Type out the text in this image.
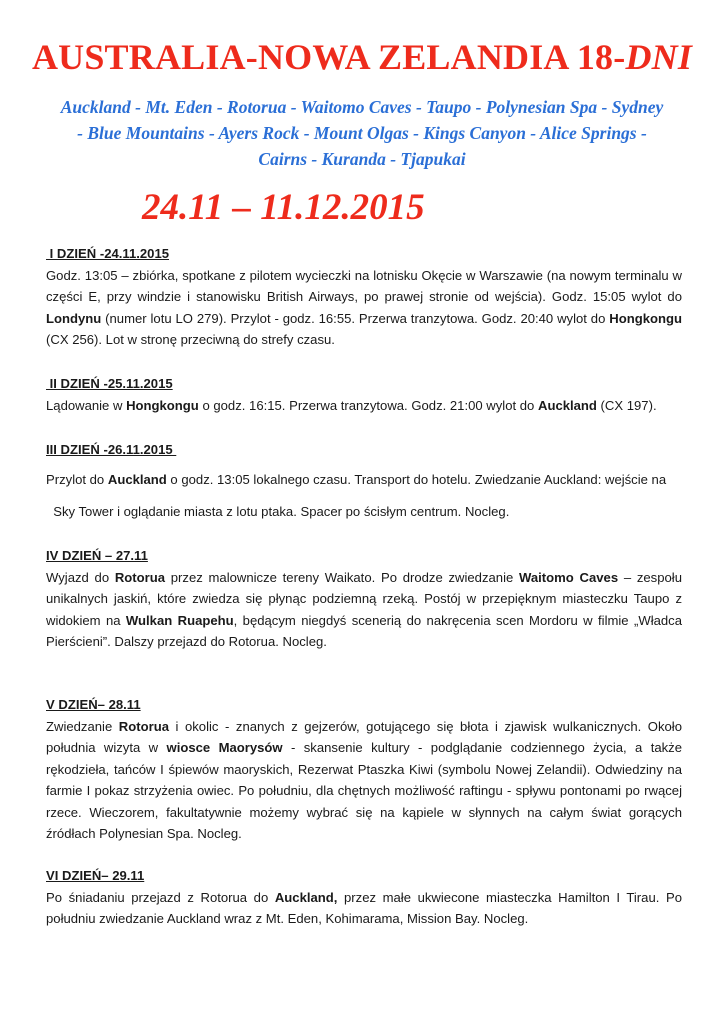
AUSTRALIA-NOWA ZELANDIA 18-DNI
Auckland - Mt. Eden - Rotorua - Waitomo Caves - Taupo - Polynesian Spa - Sydney
- Blue Mountains - Ayers Rock - Mount Olgas - Kings Canyon - Alice Springs -
Cairns - Kuranda - Tjapukai
24.11 – 11.12.2015
I DZIEŃ -24.11.2015

Godz. 13:05 – zbiórka, spotkane z pilotem wycieczki na lotnisku Okęcie w Warszawie (na nowym terminalu w części E, przy windzie i stanowisku British Airways, po prawej stronie od wejścia). Godz. 15:05 wylot do Londynu (numer lotu LO 279). Przylot - godz. 16:55. Przerwa tranzytowa. Godz. 20:40 wylot do Hongkongu (CX 256). Lot w stronę przeciwną do strefy czasu.

II DZIEŃ -25.11.2015

Lądowanie w Hongkongu o godz. 16:15. Przerwa tranzytowa. Godz. 21:00 wylot do Auckland (CX 197).

III DZIEŃ -26.11.2015

Przylot do Auckland o godz. 13:05 lokalnego czasu. Transport do hotelu. Zwiedzanie Auckland: wejście na

Sky Tower i oglądanie miasta z lotu ptaka. Spacer po ścisłym centrum. Nocleg.

IV DZIEŃ – 27.11

Wyjazd do Rotorua przez malownicze tereny Waikato. Po drodze zwiedzanie Waitomo Caves – zespołu unikalnych jaskiń, które zwiedza się płynąc podziemną rzeką. Postój w przepięknym miasteczku Taupo z widokiem na Wulkan Ruapehu, będącym niegdyś scenerią do nakręcenia scen Mordoru w filmie „Władca Pierścieni”. Dalszy przejazd do Rotorua. Nocleg.

V DZIEŃ– 28.11

Zwiedzanie Rotorua i okolic - znanych z gejzerów, gotującego się błota i zjawisk wulkanicznych. Około południa wizyta w wiosce Maorysów - skansenie kultury - podglądanie codziennego życia, a także rękodzieła, tańców I śpiewów maoryskich, Rezerwat Ptaszka Kiwi (symbolu Nowej Zelandii). Odwiedziny na farmie I pokaz strzyżenia owiec. Po południu, dla chętnych możliwość raftingu - spływu pontonami po rwącej rzece. Wieczorem, fakultatywnie możemy wybrać się na kąpiele w słynnych na całym świat gorących źródłach Polynesian Spa. Nocleg.

VI DZIEŃ– 29.11

Po śniadaniu przejazd z Rotorua do Auckland, przez małe ukwiecone miasteczka Hamilton I Tirau. Po południu zwiedzanie Auckland wraz z Mt. Eden, Kohimarama, Mission Bay. Nocleg.
